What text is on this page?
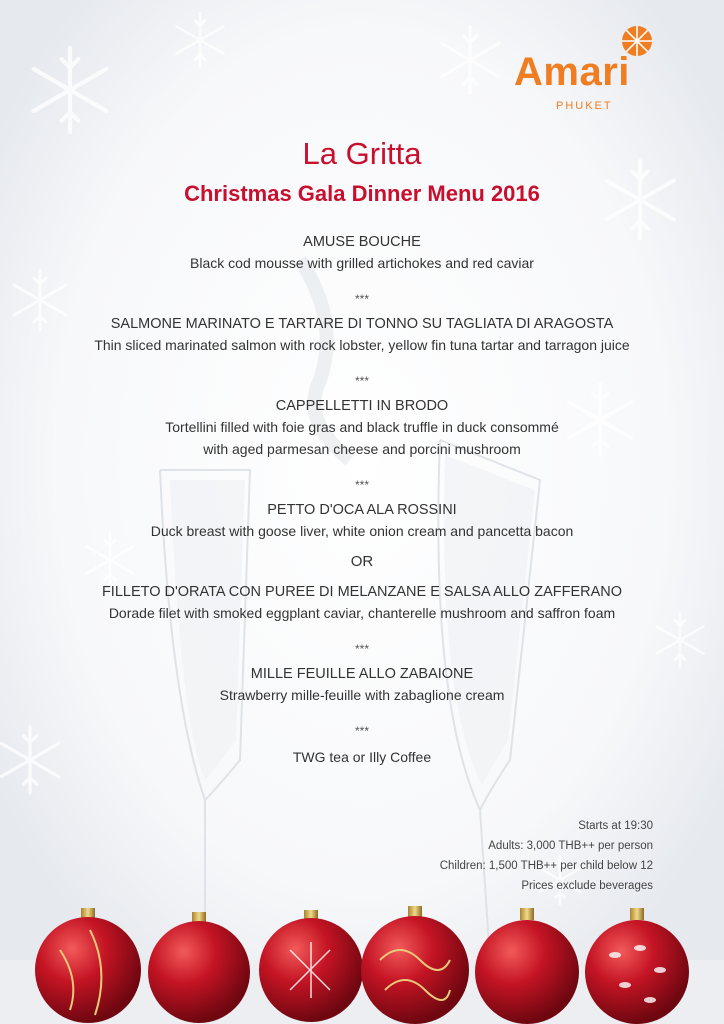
Amari
PHUKET
La Gritta
Christmas Gala Dinner Menu 2016
AMUSE BOUCHE

Black cod mousse with grilled artichokes and red caviar

***
SALMONE MARINATO E TARTARE DI TONNO SU TAGLIATA DI ARAGOSTA

Thin sliced marinated salmon with rock lobster, yellow fin tuna tartar and tarragon juice

***
CAPPELLETTI IN BRODO

Tortellini filled with foie gras and black truffle in duck consommé

with aged parmesan cheese and porcini mushroom

***
PETTO D'OCA ALA ROSSINI

Duck breast with goose liver, white onion cream and pancetta bacon

OR
FILLETO D'ORATA CON PUREE DI MELANZANE E SALSA ALLO ZAFFERANO

Dorade filet with smoked eggplant caviar, chanterelle mushroom and saffron foam

***
MILLE FEUILLE ALLO ZABAIONE

Strawberry mille-feuille with zabaglione cream

***

TWG tea or Illy Coffee

Starts at 19:30
Adults: 3,000 THB++ per person
Children: 1,500 THB++ per child below 12
Prices exclude beverages
